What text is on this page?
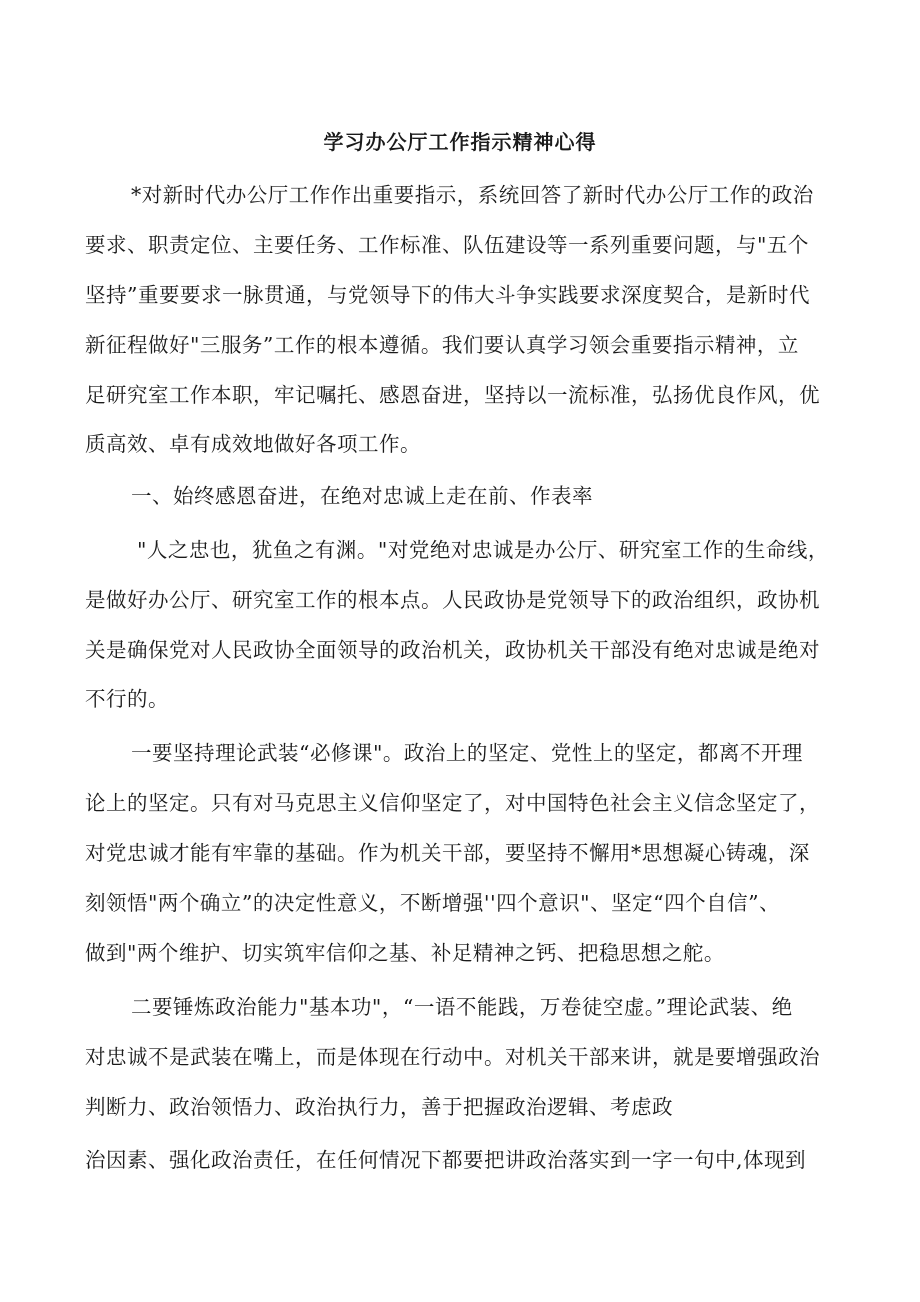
学习办公厅工作指示精神心得

*对新时代办公厅工作作出重要指示，系统回答了新时代办公厅工作的政治

要求、职责定位、主要任务、工作标准、队伍建设等一系列重要问题，与"五个

坚持”重要要求一脉贯通，与党领导下的伟大斗争实践要求深度契合，是新时代

新征程做好"三服务”工作的根本遵循。我们要认真学习领会重要指示精神，立

足研究室工作本职，牢记嘱托、感恩奋进，坚持以一流标准，弘扬优良作风，优

质高效、卓有成效地做好各项工作。

一、始终感恩奋进，在绝对忠诚上走在前、作表率

"人之忠也，犹鱼之有渊。"对党绝对忠诚是办公厅、研究室工作的生命线，

是做好办公厅、研究室工作的根本点。人民政协是党领导下的政治组织，政协机

关是确保党对人民政协全面领导的政治机关，政协机关干部没有绝对忠诚是绝对

不行的。

一要坚持理论武装“必修课"。政治上的坚定、党性上的坚定，都离不开理

论上的坚定。只有对马克思主义信仰坚定了，对中国特色社会主义信念坚定了，

对党忠诚才能有牢靠的基础。作为机关干部，要坚持不懈用*思想凝心铸魂，深

刻领悟"两个确立”的决定性意义，不断增强''四个意识"、坚定“四个自信”、

做到"两个维护、切实筑牢信仰之基、补足精神之钙、把稳思想之舵。

二要锤炼政治能力"基本功"，“一语不能践，万卷徒空虚。”理论武装、绝

对忠诚不是武装在嘴上，而是体现在行动中。对机关干部来讲，就是要增强政治

判断力、政治领悟力、政治执行力，善于把握政治逻辑、考虑政

治因素、强化政治责任，在任何情况下都要把讲政治落实到一字一句中,体现到
